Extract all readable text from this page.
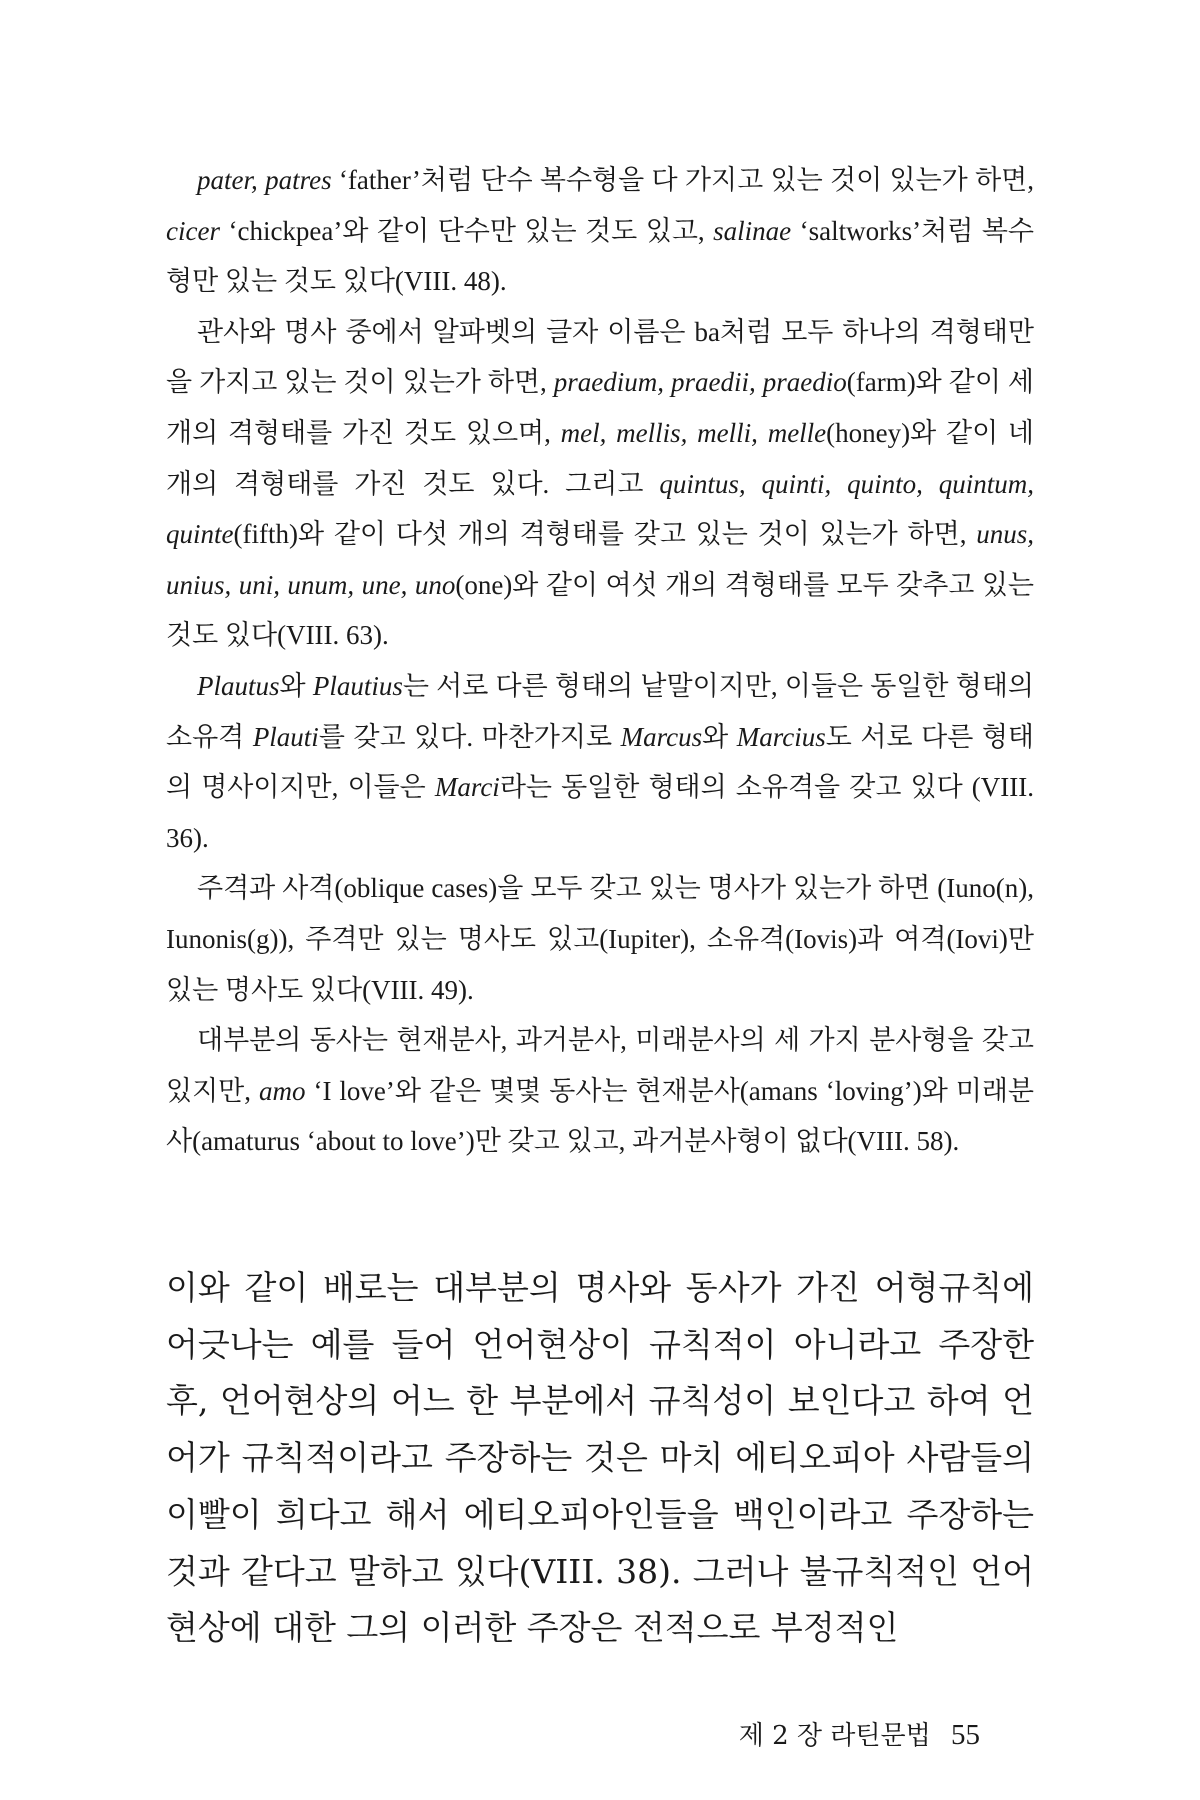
pater, patres ‘father’처럼 단수 복수형을 다 가지고 있는 것이 있는가 하면, cicer ‘chickpea’와 같이 단수만 있는 것도 있고, salinae ‘saltworks’처럼 복수형만 있는 것도 있다(VIII. 48).

관사와 명사 중에서 알파벳의 글자 이름은 ba처럼 모두 하나의 격형태만을 가지고 있는 것이 있는가 하면, praedium, praedii, praedio(farm)와 같이 세 개의 격형태를 가진 것도 있으며, mel, mellis, melli, melle(honey)와 같이 네 개의 격형태를 가진 것도 있다. 그리고 quintus, quinti, quinto, quintum, quinte(fifth)와 같이 다섯 개의 격형태를 갖고 있는 것이 있는가 하면, unus, unius, uni, unum, une, uno(one)와 같이 여섯 개의 격형태를 모두 갖추고 있는 것도 있다(VIII. 63).

Plautus와 Plautius는 서로 다른 형태의 낱말이지만, 이들은 동일한 형태의 소유격 Plauti를 갖고 있다. 마찬가지로 Marcus와 Marcius도 서로 다른 형태의 명사이지만, 이들은 Marci라는 동일한 형태의 소유격을 갖고 있다 (VIII. 36).

주격과 사격(oblique cases)을 모두 갖고 있는 명사가 있는가 하면 (Iuno(n), Iunonis(g)), 주격만 있는 명사도 있고(Iupiter), 소유격(Iovis)과 여격(Iovi)만 있는 명사도 있다(VIII. 49).

대부분의 동사는 현재분사, 과거분사, 미래분사의 세 가지 분사형을 갖고 있지만, amo ‘I love’와 같은 몇몇 동사는 현재분사(amans ‘loving’)와 미래분사(amaturus ‘about to love’)만 갖고 있고, 과거분사형이 없다(VIII. 58).

이와 같이 배로는 대부분의 명사와 동사가 가진 어형규칙에 어긋나는 예를 들어 언어현상이 규칙적이 아니라고 주장한 후, 언어현상의 어느 한 부분에서 규칙성이 보인다고 하여 언어가 규칙적이라고 주장하는 것은 마치 에티오피아 사람들의 이빨이 희다고 해서 에티오피아인들을 백인이라고 주장하는 것과 같다고 말하고 있다(VIII. 38). 그러나 불규칙적인 언어현상에 대한 그의 이러한 주장은 전적으로 부정적인

제 2 장 라틴문법 55
